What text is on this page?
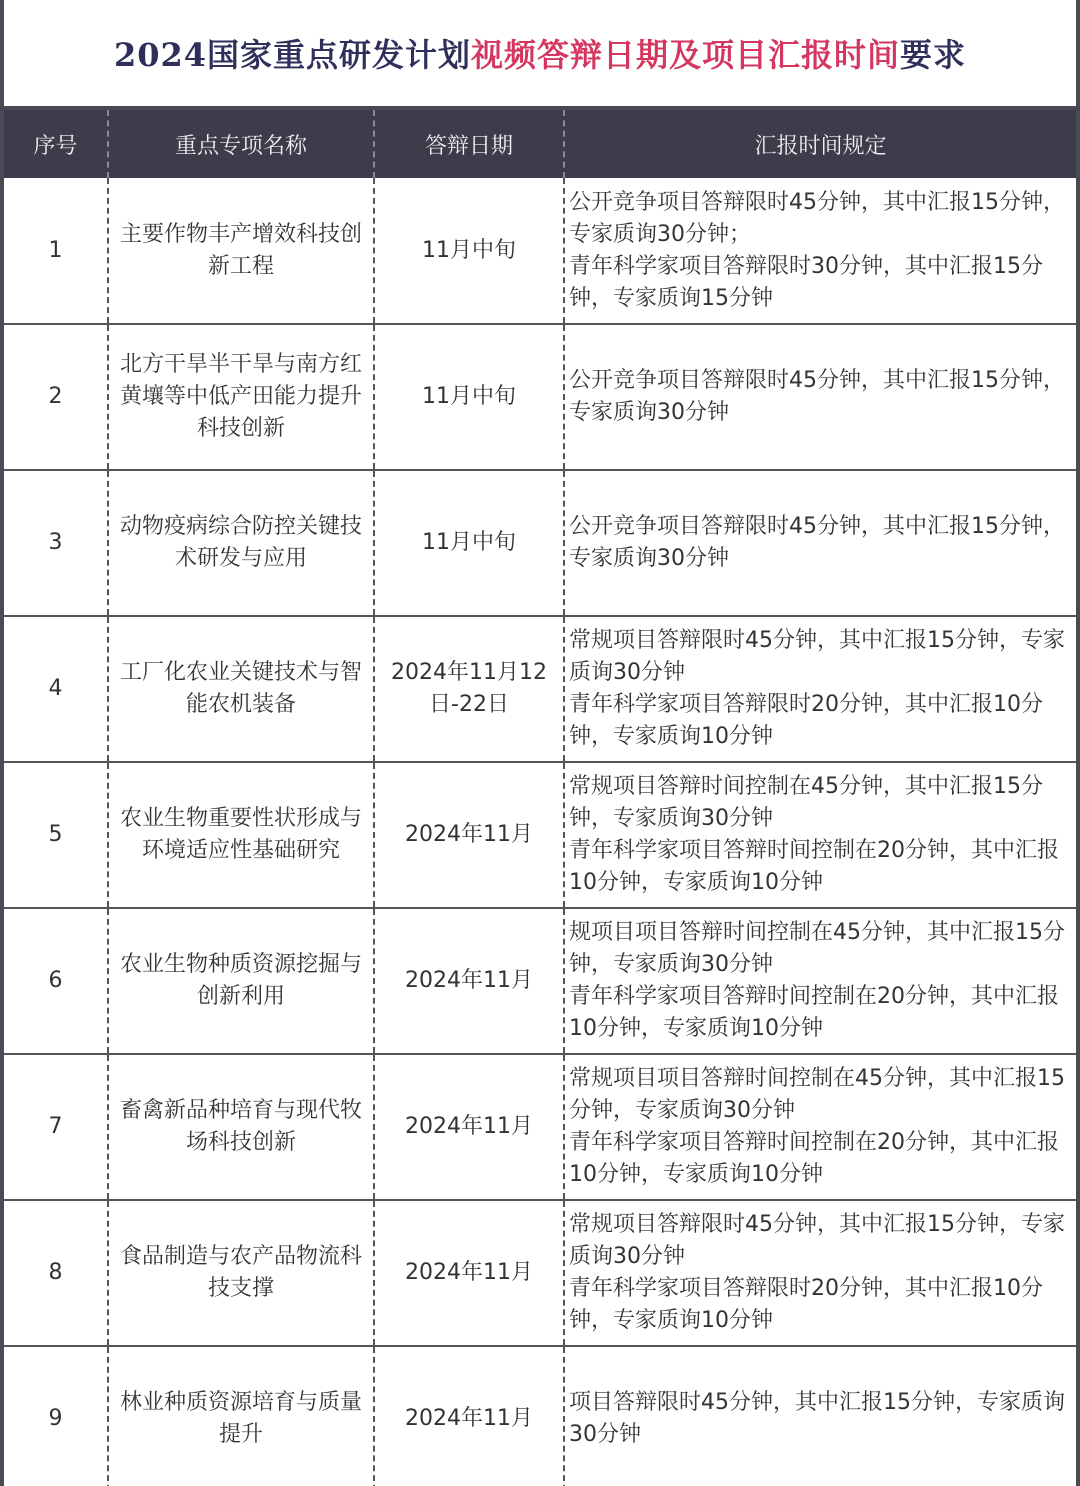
2024国家重点研发计划视频答辩日期及项目汇报时间要求
序号	重点专项名称	答辩日期	汇报时间规定
1	主要作物丰产增效科技创新工程	11月中旬	公开竞争项目答辩限时45分钟，其中汇报15分钟，专家质询30分钟；

青年科学家项目答辩限时30分钟，其中汇报15分钟，专家质询15分钟

2	北方干旱半干旱与南方红黄壤等中低产田能力提升科技创新	11月中旬	公开竞争项目答辩限时45分钟，其中汇报15分钟，专家质询30分钟

3	动物疫病综合防控关键技术研发与应用	11月中旬	公开竞争项目答辩限时45分钟，其中汇报15分钟，专家质询30分钟

4	工厂化农业关键技术与智能农机装备	2024年11月12日-22日	常规项目答辩限时45分钟，其中汇报15分钟，专家质询30分钟

青年科学家项目答辩限时20分钟，其中汇报10分钟，专家质询10分钟

5	农业生物重要性状形成与环境适应性基础研究	2024年11月	常规项目答辩时间控制在45分钟，其中汇报15分钟，专家质询30分钟

青年科学家项目答辩时间控制在20分钟，其中汇报10分钟，专家质询10分钟

6	农业生物种质资源挖掘与创新利用	2024年11月	规项目项目答辩时间控制在45分钟，其中汇报15分钟，专家质询30分钟

青年科学家项目答辩时间控制在20分钟，其中汇报10分钟，专家质询10分钟

7	畜禽新品种培育与现代牧场科技创新	2024年11月	常规项目项目答辩时间控制在45分钟，其中汇报15分钟，专家质询30分钟

青年科学家项目答辩时间控制在20分钟，其中汇报10分钟，专家质询10分钟

8	食品制造与农产品物流科技支撑	2024年11月	常规项目答辩限时45分钟，其中汇报15分钟，专家质询30分钟

青年科学家项目答辩限时20分钟，其中汇报10分钟，专家质询10分钟

9	林业种质资源培育与质量提升	2024年11月	项目答辩限时45分钟，其中汇报15分钟，专家质询30分钟
